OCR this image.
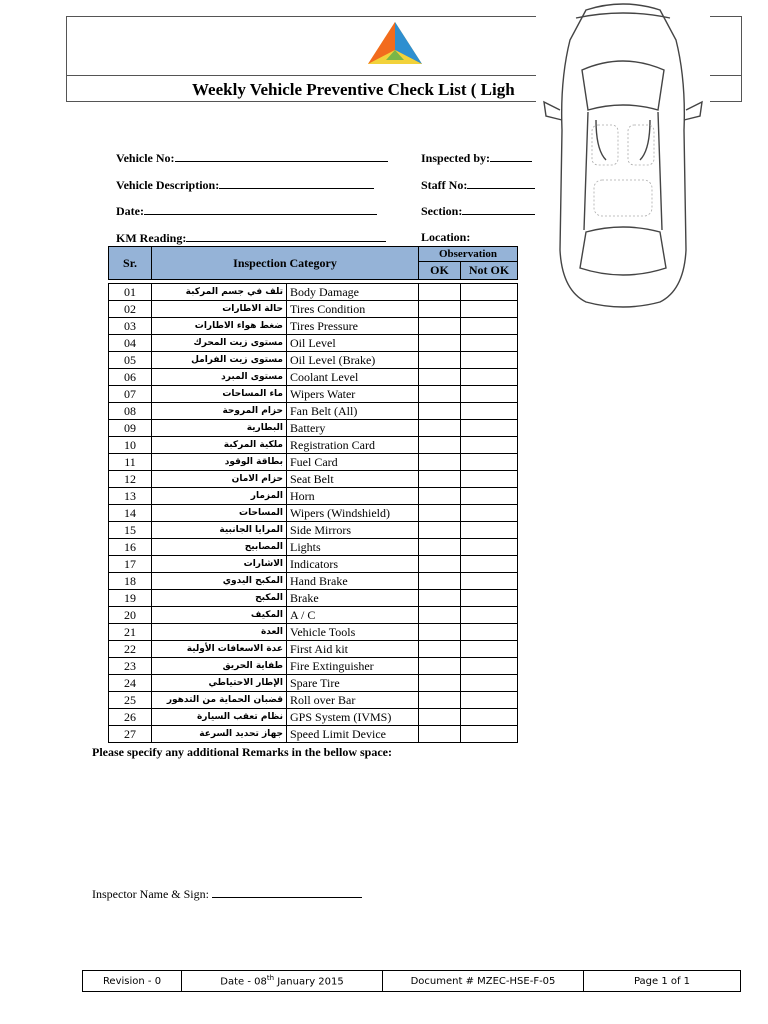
Weekly Vehicle Preventive Check List ( Ligh
Vehicle No:
Vehicle Description:
Date:
KM Reading:
Inspected by:
Staff No:
Section:
Location:
Sr.	Inspection Category		Observation	
			OK	Not OK

01	تلف في جسم المركبة	Body Damage		
02	حالة الاطارات	Tires Condition		
03	ضغط هواء الاطارات	Tires Pressure		
04	مستوى زيت المحرك	Oil Level		
05	مستوى زيت الفرامل	Oil Level (Brake)		
06	مستوى المبرد	Coolant Level		
07	ماء المساحات	Wipers Water		
08	حزام المروحة	Fan Belt (All)		
09	البطارية	Battery		
10	ملكية المركبة	Registration Card		
11	بطاقة الوقود	Fuel Card		
12	حزام الامان	Seat Belt		
13	المزمار	Horn		
14	المساحات	Wipers (Windshield)		
15	المرايا الجانبية	Side Mirrors		
16	المصابيح	Lights		
17	الاشارات	Indicators		
18	المكبح اليدوي	Hand Brake		
19	المكبح	Brake		
20	المكيف	A / C		
21	العدة	Vehicle Tools		
22	عدة الاسعافات الأولية	First Aid kit		
23	طفاية الحريق	Fire Extinguisher		
24	الإطار الاحتياطي	Spare Tire		
25	قضبان الحماية من التدهور	Roll over Bar		
26	نظام تعقب السيارة	GPS System (IVMS)		
27	جهاز تحديد السرعة	Speed Limit Device		
Please specify any additional Remarks in the bellow space:
Inspector Name & Sign:
Revision - 0	Date - 08th January 2015	Document # MZEC-HSE-F-05	Page 1 of 1
